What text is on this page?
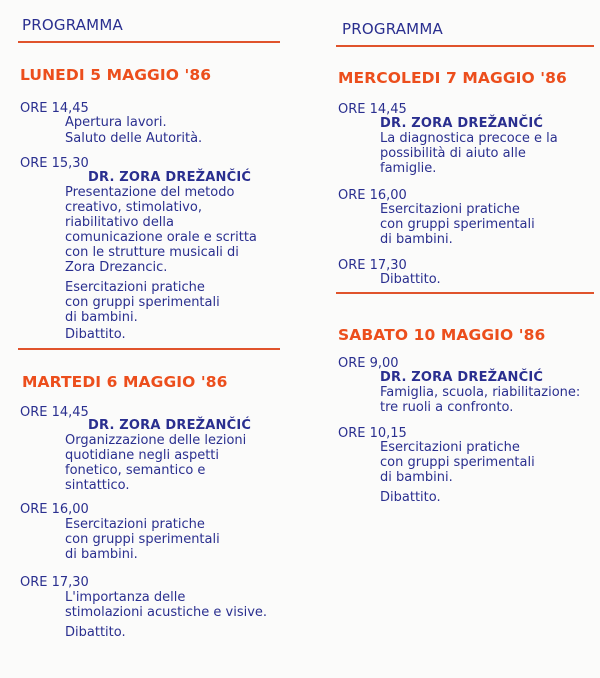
PROGRAMMA
LUNEDI 5 MAGGIO '86
ORE 14,45
Apertura lavori.
Saluto delle Autorità.
ORE 15,30
DR. ZORA DREŽANČIĆ
Presentazione del metodo
creativo, stimolativo,
riabilitativo della
comunicazione orale e scritta
con le strutture musicali di
Zora Drezancic.
Esercitazioni pratiche
con gruppi sperimentali
di bambini.
Dibattito.
MARTEDI 6 MAGGIO '86
ORE 14,45
DR. ZORA DREŽANČIĆ
Organizzazione delle lezioni
quotidiane negli aspetti
fonetico, semantico e
sintattico.
ORE 16,00
Esercitazioni pratiche
con gruppi sperimentali
di bambini.
ORE 17,30
L'importanza delle
stimolazioni acustiche e visive.
Dibattito.
PROGRAMMA
MERCOLEDI 7 MAGGIO '86
ORE 14,45
DR. ZORA DREŽANČIĆ
La diagnostica precoce e la
possibilità di aiuto alle
famiglie.
ORE 16,00
Esercitazioni pratiche
con gruppi sperimentali
di bambini.
ORE 17,30
Dibattito.
SABATO 10 MAGGIO '86
ORE 9,00
DR. ZORA DREŽANČIĆ
Famiglia, scuola, riabilitazione:
tre ruoli a confronto.
ORE 10,15
Esercitazioni pratiche
con gruppi sperimentali
di bambini.
Dibattito.
